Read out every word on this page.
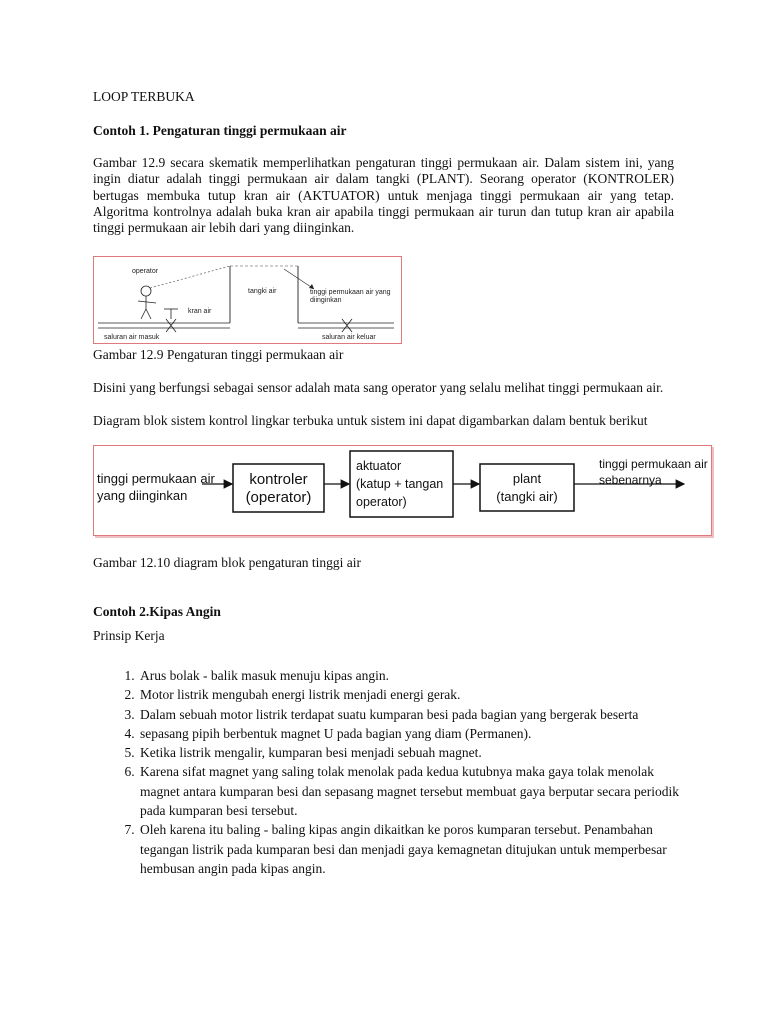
LOOP TERBUKA
Contoh 1. Pengaturan tinggi permukaan air

Gambar 12.9 secara skematik memperlihatkan pengaturan tinggi permukaan air. Dalam sistem ini, yang ingin diatur adalah tinggi permukaan air dalam tangki (PLANT). Seorang operator (KONTROLER) bertugas membuka tutup kran air (AKTUATOR) untuk menjaga tinggi permukaan air yang tetap. Algoritma kontrolnya adalah buka kran air apabila tinggi permukaan air turun dan tutup kran air apabila tinggi permukaan air lebih dari yang diinginkan.

operator
tangki air	tinggi permukaan air yang
diinginkan
kran air
saluran air masuk	saluran air keluar
Gambar 12.9 Pengaturan tinggi permukaan air

Disini yang berfungsi sebagai sensor adalah mata sang operator yang selalu melihat tinggi permukaan air.

Diagram blok sistem kontrol lingkar terbuka untuk sistem ini dapat digambarkan dalam bentuk berikut

tinggi permukaan air
yang diinginkan
kontroler
(operator)
aktuator
(katup + tangan
operator)
plant
(tangki air)
tinggi permukaan air
sebenarnya
Gambar 12.10 diagram blok pengaturan tinggi air
Contoh 2.Kipas Angin
Prinsip Kerja
1. Arus bolak - balik masuk menuju kipas angin.
2. Motor listrik mengubah energi listrik menjadi energi gerak.
3. Dalam sebuah motor listrik terdapat suatu kumparan besi pada bagian yang bergerak beserta
4. sepasang pipih berbentuk magnet U pada bagian yang diam (Permanen).
5. Ketika listrik mengalir, kumparan besi menjadi sebuah magnet.
6. Karena sifat magnet yang saling tolak menolak pada kedua kutubnya maka gaya tolak menolak magnet antara kumparan besi dan sepasang magnet tersebut membuat gaya berputar secara periodik pada kumparan besi tersebut.
7. Oleh karena itu baling - baling kipas angin dikaitkan ke poros kumparan tersebut. Penambahan tegangan listrik pada kumparan besi dan menjadi gaya kemagnetan ditujukan untuk memperbesar hembusan angin pada kipas angin.
